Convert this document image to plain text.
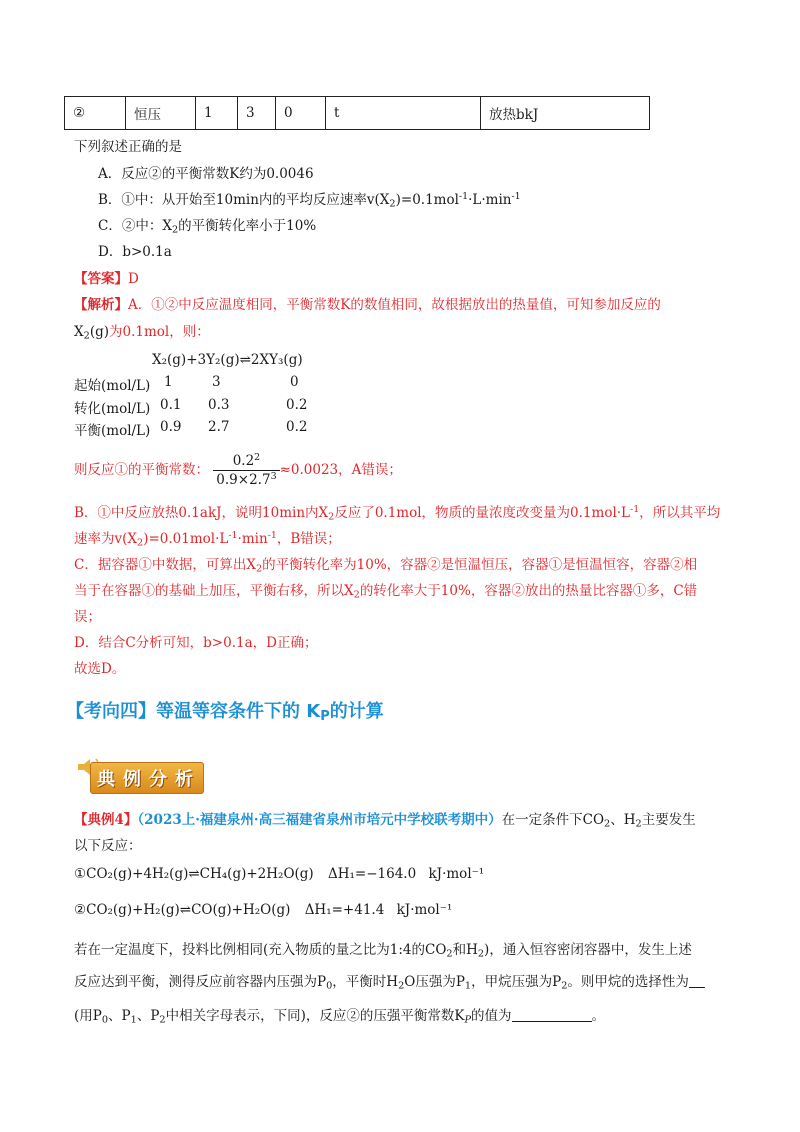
②	恒压	1	3	0	t	放热bkJ
下列叙述正确的是
A．反应②的平衡常数K约为0.0046
B．①中：从开始至10min内的平均反应速率$v(X_2)=0.1mol^{-1}\cdot L\cdot\min^{-1}$
C．②中：$X_2$的平衡转化率小于10%
D．b>0.1a
【答案】D
【解析】A．①②中反应温度相同，平衡常数K的数值相同，故根据放出的热量值，可知参加反应的
$X_2(g)$为0.1mol，则：
X₂(g)+3Y₂(g)⇌2XY₃(g)
起始(mol/L) 1	3	0
转化(mol/L) 0.1 0.3	0.2
平衡(mol/L) 0.9 2.7	0.2
则反应①的平衡常数： $\frac{0.2^2}{0.9\times 2.7^3} \approx 0.0023$，A错误；
B．①中反应放热0.1akJ，说明10min内$X_2$反应了0.1mol，物质的量浓度改变量为$0.1mol\cdot L^{-1}$，所以其平均
速率为$v(X_2)=0.01mol\cdot L^{-1}\cdot\min^{-1}$，B错误；
C．据容器①中数据，可算出$X_2$的平衡转化率为10%，容器②是恒温恒压，容器①是恒温恒容，容器②相
当于在容器①的基础上加压，平衡右移，所以$X_2$的转化率大于10%，容器②放出的热量比容器①多，C错
误；
D．结合C分析可知，b>0.1a，D正确；
故选D。
【考向四】等温等容条件下的 $K_P$的计算
典例分析
【典例4】（2023上·福建泉州·高三福建省泉州市培元中学校联考期中）在一定条件下$CO_2$、$H_2$主要发生
以下反应：
①CO₂(g)+4H₂(g)⇌CH₄(g)+2H₂O(g) ΔH₁=−164.0 kJ·mol⁻¹
②CO₂(g)+H₂(g)⇌CO(g)+H₂O(g) ΔH₁=+41.4 kJ·mol⁻¹
若在一定温度下，投料比例相同(充入物质的量之比为1:4的$CO_2$和$H_2$)，通入恒容密闭容器中，发生上述
反应达到平衡，测得反应前容器内压强为$P_0$，平衡时$H_2O$压强为$P_1$，甲烷压强为$P_2$。则甲烷的选择性为
(用$P_0$、$P_1$、$P_2$中相关字母表示，下同)，反应②的压强平衡常数$K_P$的值为	。
